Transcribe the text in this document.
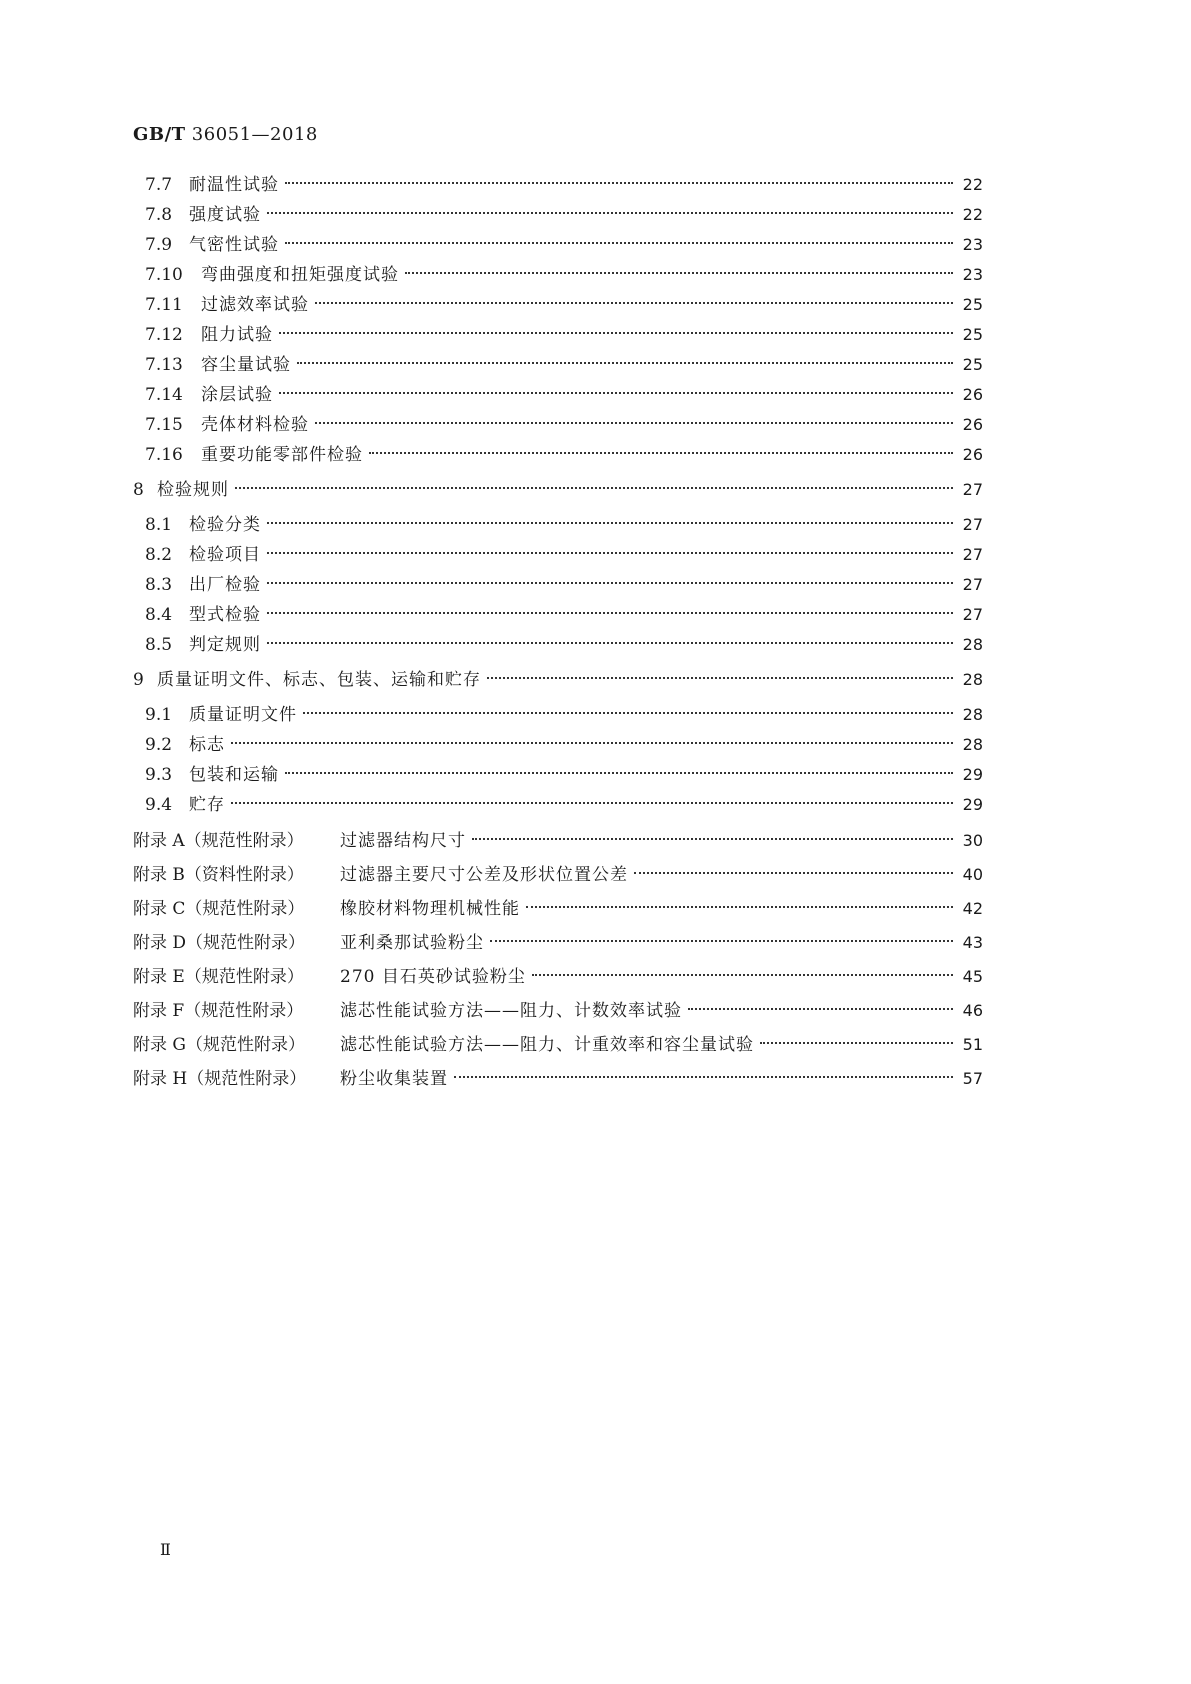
GB/T 36051—2018
7.7 耐温性试验	22
7.8 强度试验	22
7.9 气密性试验	23
7.10	弯曲强度和扭矩强度试验	23
7.11	过滤效率试验	25
7.12	阻力试验	25
7.13	容尘量试验	25
7.14	涂层试验	26
7.15	壳体材料检验	26
7.16	重要功能零部件检验	26
8 检验规则	27
8.1 检验分类	27
8.2 检验项目	27
8.3 出厂检验	27
8.4 型式检验	27
8.5 判定规则	28
9 质量证明文件、标志、包装、运输和贮存	28
9.1 质量证明文件	28
9.2 标志	28
9.3 包装和运输	29
9.4 贮存	29
附录 A（规范性附录）	过滤器结构尺寸	30
附录 B（资料性附录）	过滤器主要尺寸公差及形状位置公差	40
附录 C（规范性附录）	橡胶材料物理机械性能	42
附录 D（规范性附录）	亚利桑那试验粉尘	43
附录 E（规范性附录）	270 目石英砂试验粉尘	45
附录 F（规范性附录）	滤芯性能试验方法——阻力、计数效率试验	46
附录 G（规范性附录）	滤芯性能试验方法——阻力、计重效率和容尘量试验	51
附录 H（规范性附录）	粉尘收集装置	57
Ⅱ
